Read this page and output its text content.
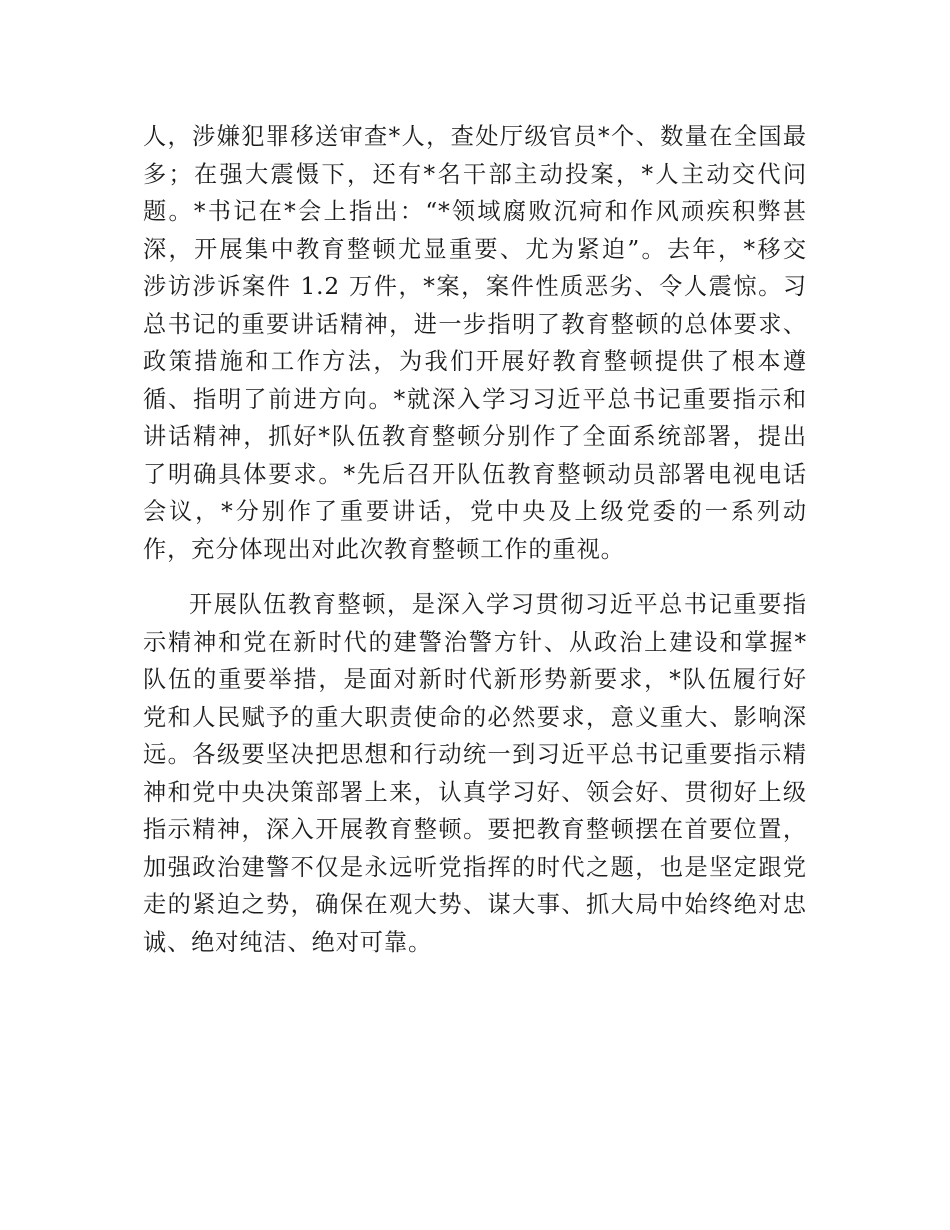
人，涉嫌犯罪移送审查*人，查处厅级官员*个、数量在全国最
多；在强大震慑下，还有*名干部主动投案，*人主动交代问
题。*书记在*会上指出：“*领域腐败沉疴和作风顽疾积弊甚
深，开展集中教育整顿尤显重要、尤为紧迫”。去年，*移交
涉访涉诉案件 1.2 万件，*案，案件性质恶劣、令人震惊。习
总书记的重要讲话精神，进一步指明了教育整顿的总体要求、
政策措施和工作方法，为我们开展好教育整顿提供了根本遵
循、指明了前进方向。*就深入学习习近平总书记重要指示和
讲话精神，抓好*队伍教育整顿分别作了全面系统部署，提出
了明确具体要求。*先后召开队伍教育整顿动员部署电视电话
会议，*分别作了重要讲话，党中央及上级党委的一系列动
作，充分体现出对此次教育整顿工作的重视。
开展队伍教育整顿，是深入学习贯彻习近平总书记重要指
示精神和党在新时代的建警治警方针、从政治上建设和掌握*
队伍的重要举措，是面对新时代新形势新要求，*队伍履行好
党和人民赋予的重大职责使命的必然要求，意义重大、影响深
远。各级要坚决把思想和行动统一到习近平总书记重要指示精
神和党中央决策部署上来，认真学习好、领会好、贯彻好上级
指示精神，深入开展教育整顿。要把教育整顿摆在首要位置，
加强政治建警不仅是永远听党指挥的时代之题，也是坚定跟党
走的紧迫之势，确保在观大势、谋大事、抓大局中始终绝对忠
诚、绝对纯洁、绝对可靠。
